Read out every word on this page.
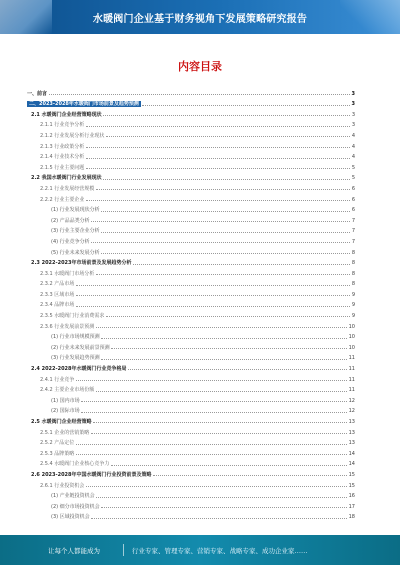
水暖阀门企业基于财务视角下发展策略研究报告
内容目录
一、前言	3
二、2023-2028年水暖阀门市场前景及趋势预测	3
2.1 水暖阀门企业经营策略现状	3
2.1.1 行业竞争分析	3
2.1.2 行业发展分析行业现状	4
2.1.3 行业政策分析	4
2.1.4 行业技术分析	4
2.1.5 行业主要问题	5
2.2 我国水暖阀门行业发展现状	5
2.2.1 行业发展经营规模	6
2.2.2 行业主要企业	6
(1) 行业发展现状分析	6
(2) 产品品类分析	7
(3) 行业主要企业分析	7
(4) 行业竞争分析	7
(5) 行业未来发展分析	8
2.3 2022-2023年市场前景及发展趋势分析	8
2.3.1 水暖阀门市场分析	8
2.3.2 产品市场	8
2.3.3 区域市场	9
2.3.4 品牌市场	9
2.3.5 水暖阀门行业消费需求	9
2.3.6 行业发展前景预测	10
(1) 行业市场规模预测	10
(2) 行业未来发展前景预测	10
(3) 行业发展趋势预测	11
2.4 2022-2028年水暖阀门行业竞争格局	11
2.4.1 行业竞争	11
2.4.2 主要企业市场份额	11
(1) 国内市场	12
(2) 国际市场	12
2.5 水暖阀门企业经营策略	13
2.5.1 企业的营销策略	13
2.5.2 产品定位	13
2.5.3 品牌策略	14
2.5.4 水暖阀门企业核心竞争力	14
2.6 2023-2028年中国水暖阀门行业投资前景及策略	15
2.6.1 行业投资机会	15
(1) 产业链投资机会	16
(2) 细分市场投资机会	17
(3) 区域投资机会	18
让每个人都能成为	行业专家、管理专家、营销专家、战略专家、成功企业家……
